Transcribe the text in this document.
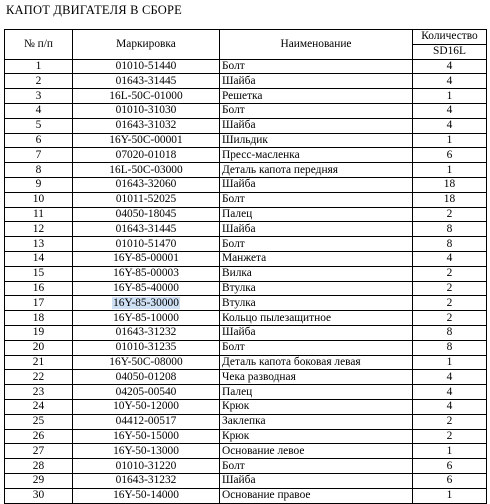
КАПОТ ДВИГАТЕЛЯ В СБОРЕ
№ п/п	Маркировка	Наименование	Количество
			SD16L
1	01010-51440	Болт	4
2	01643-31445	Шайба	4
3	16L-50C-01000	Решетка	1
4	01010-31030	Болт	4
5	01643-31032	Шайба	4
6	16Y-50C-00001	Шильдик	1
7	07020-01018	Пресс-масленка	6
8	16L-50C-03000	Деталь капота передняя	1
9	01643-32060	Шайба	18
10	01011-52025	Болт	18
11	04050-18045	Палец	2
12	01643-31445	Шайба	8
13	01010-51470	Болт	8
14	16Y-85-00001	Манжета	4
15	16Y-85-00003	Вилка	2
16	16Y-85-40000	Втулка	2
17	16Y-85-30000	Втулка	2
18	16Y-85-10000	Кольцо пылезащитное	2
19	01643-31232	Шайба	8
20	01010-31235	Болт	8
21	16Y-50C-08000	Деталь капота боковая левая	1
22	04050-01208	Чека разводная	4
23	04205-00540	Палец	4
24	10Y-50-12000	Крюк	4
25	04412-00517	Заклепка	2
26	16Y-50-15000	Крюк	2
27	16Y-50-13000	Основание левое	1
28	01010-31220	Болт	6
29	01643-31232	Шайба	6
30	16Y-50-14000	Основание правое	1
